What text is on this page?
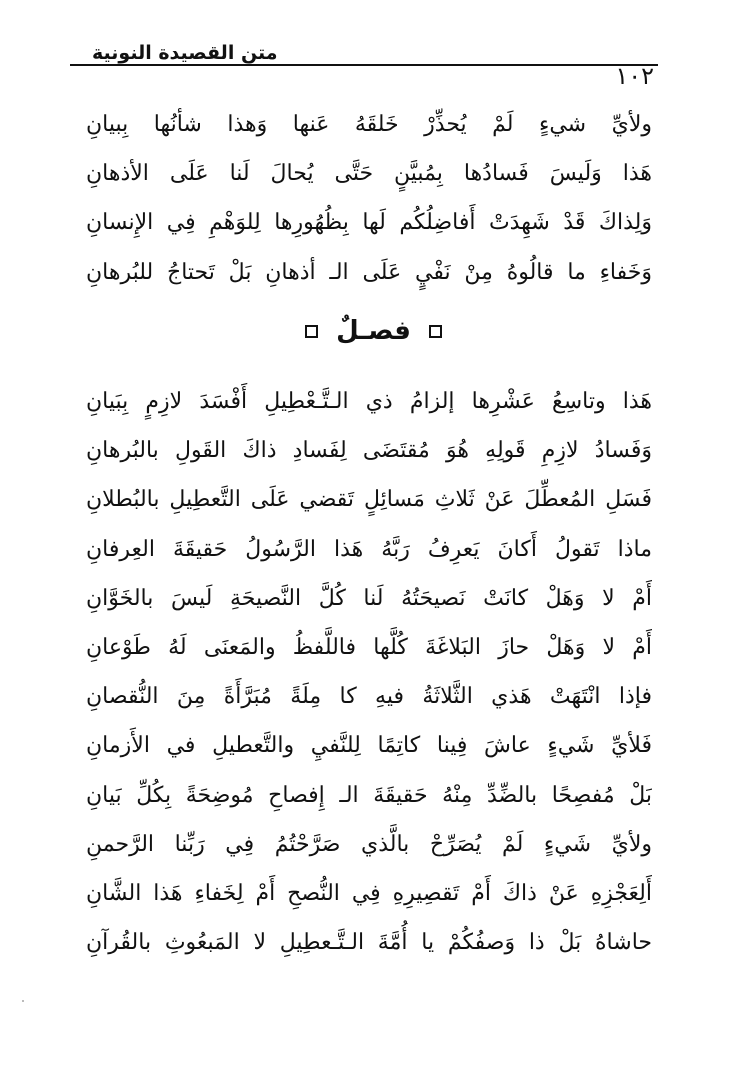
متن القصيدة النونية
١٠٢
ولأيِّ شيءٍ لَمْ يُحذِّرْ خَلقَهُ عَنها وَهذا شأنُها بِبيانِ
هَذا وَلَيسَ فَسادُها بِمُبيَّنٍ حَتَّى يُحالَ لَنا عَلَى الأذهانِ
وَلِذاكَ قَدْ شَهِدَتْ أَفاضِلُكُم لَها بِظُهُورِها لِلوَهْمِ فِي الإِنسانِ
وَخَفاءِ ما قالُوهُ مِنْ نَفْيٍ عَلَى الـ أذهانِ بَلْ تَحتاجُ للبُرهانِ
فصـلٌ
هَذا وتاسِعُ عَشْرِها إلزامُ ذي الـتَّـعْطِيلِ أَفْسَدَ لازِمٍ بِبَيانِ
وَفَسادُ لازِمِ قَولِهِ هُوَ مُقتَضَى لِفَسادِ ذاكَ القَولِ بالبُرهانِ
فَسَلِ المُعطِّلَ عَنْ ثَلاثِ مَسائِلٍ تَقضي عَلَى التَّعطِيلِ بالبُطلانِ
ماذا تَقولُ أَكانَ يَعرِفُ رَبَّهُ هَذا الرَّسُولُ حَقيقَةَ العِرفانِ
أَمْ لا وَهَلْ كانَتْ نَصيحَتُهُ لَنا كُلَّ النَّصيحَةِ لَيسَ بالخَوَّانِ
أَمْ لا وَهَلْ حازَ البَلاغَةَ كُلَّها فاللَّفظُ والمَعنَى لَهُ طَوْعانِ
فإذا انْتَهَتْ هَذي الثَّلاثَةُ فيهِ كا مِلَةً مُبَرَّأَةً مِنَ النُّقصانِ
فَلأيِّ شَيءٍ عاشَ فِينا كاتِمًا لِلنَّفيِ والتَّعطيلِ في الأَزمانِ
بَلْ مُفصِحًا بالضِّدِّ مِنْهُ حَقيقَةَ الـ إِفصاحِ مُوضِحَةً بِكُلِّ بَيانِ
ولأيِّ شَيءٍ لَمْ يُصَرِّحْ بالَّذي صَرَّحْتُمُ فِي رَبِّنا الرَّحمنِ
أَلِعَجْزِهِ عَنْ ذاكَ أَمْ تَقصِيرِهِ فِي النُّصحِ أَمْ لِخَفاءِ هَذا الشَّانِ
حاشاهُ بَلْ ذا وَصفُكُمْ يا أُمَّةَ الـتَّـعطِيلِ لا المَبعُوثِ بالقُرآنِ
